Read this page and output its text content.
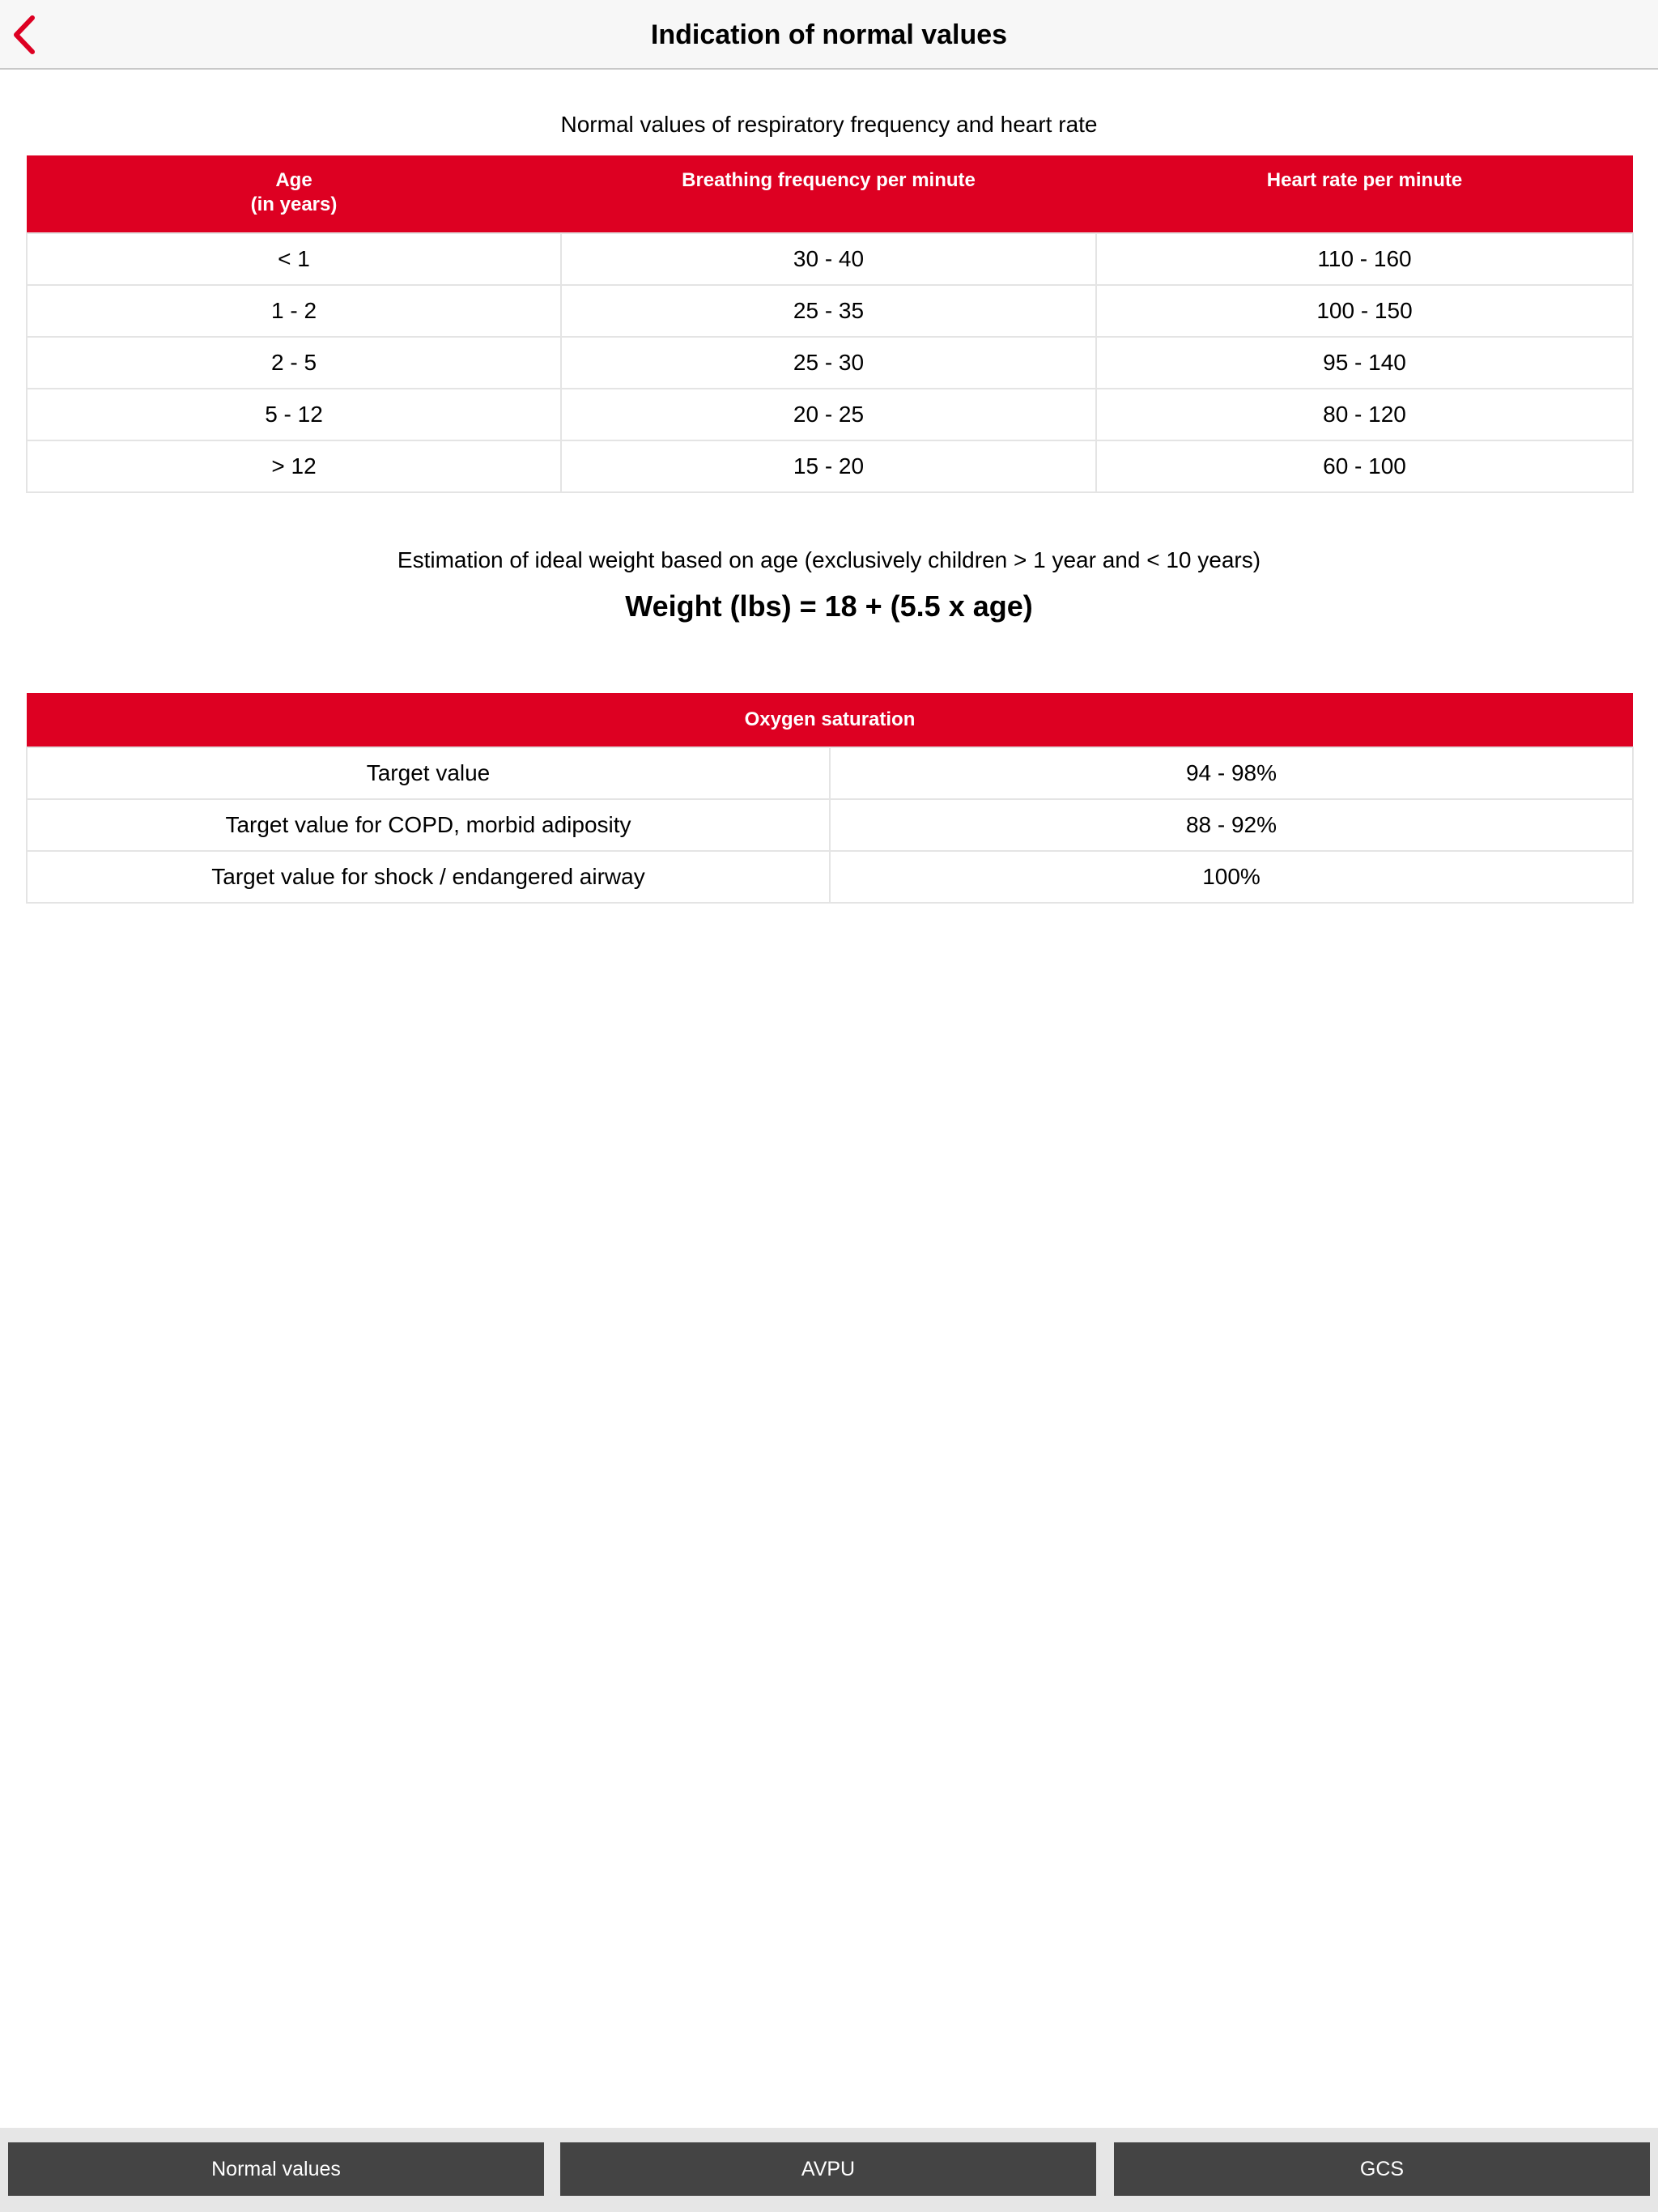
Indication of normal values
Normal values of respiratory frequency and heart rate
Age
(in years)	Breathing frequency per minute	Heart rate per minute
< 1	30 - 40	110 - 160
1 - 2	25 - 35	100 - 150
2 - 5	25 - 30	95 - 140
5 - 12	20 - 25	80 - 120
> 12	15 - 20	60 - 100
Estimation of ideal weight based on age (exclusively children > 1 year and < 10 years)
Weight (lbs) = 18 + (5.5 x age)
Oxygen saturation	
Target value	94 - 98%
Target value for COPD, morbid adiposity	88 - 92%
Target value for shock / endangered airway	100%
Normal values	AVPU	GCS
